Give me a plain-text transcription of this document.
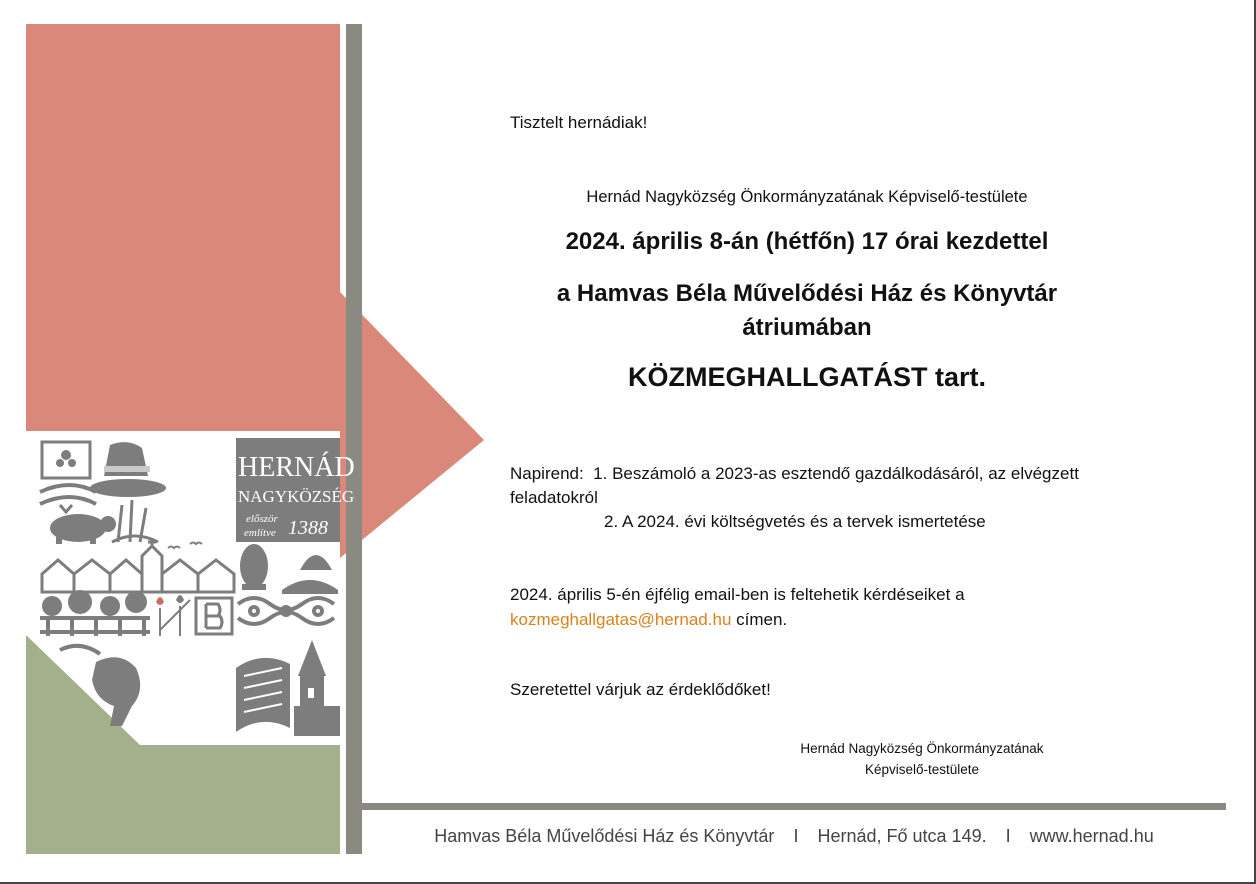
HERNÁD
NAGYKÖZSÉG
először
említve 1388
Tisztelt hernádiak!
Hernád Nagyközség Önkormányzatának Képviselő-testülete
2024. április 8-án (hétfőn) 17 órai kezdettel
a Hamvas Béla Művelődési Ház és Könyvtár
átriumában
KÖZMEGHALLGATÁST tart.
Napirend: 1. Beszámoló a 2023-as esztendő gazdálkodásáról, az elvégzett feladatokról
2. A 2024. évi költségvetés és a tervek ismertetése
2024. április 5-én éjfélig email-ben is feltehetik kérdéseiket a
kozmeghallgatas@hernad.hu címen.
Szeretettel várjuk az érdeklődőket!
Hernád Nagyközség Önkormányzatának
Képviselő-testülete
Hamvas Béla Művelődési Ház és Könyvtár I Hernád, Fő utca 149. I www.hernad.hu
